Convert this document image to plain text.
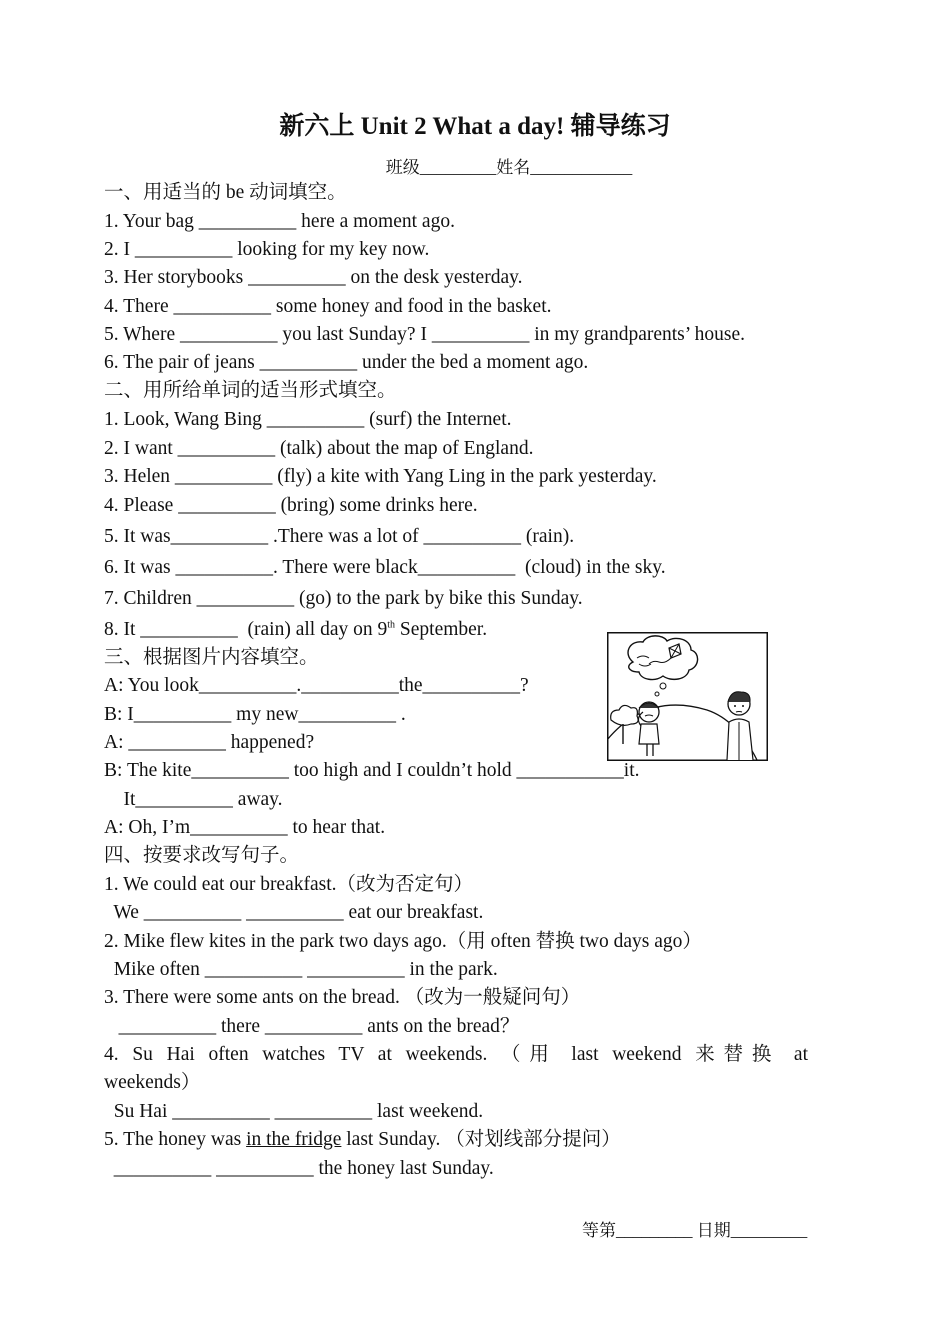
新六上 Unit 2 What a day! 辅导练习
班级_________姓名____________
一、用适当的 be 动词填空。
1. Your bag __________ here a moment ago.
2. I __________ looking for my key now.
3. Her storybooks __________ on the desk yesterday.
4. There __________ some honey and food in the basket.
5. Where __________ you last Sunday? I __________ in my grandparents’ house.
6. The pair of jeans __________ under the bed a moment ago.
二、用所给单词的适当形式填空。
1. Look, Wang Bing __________ (surf) the Internet.
2. I want __________ (talk) about the map of England.
3. Helen __________ (fly) a kite with Yang Ling in the park yesterday.
4. Please __________ (bring) some drinks here.
5. It was__________ .There was a lot of __________ (rain).
6. It was __________. There were black__________  (cloud) in the sky.
7. Children __________ (go) to the park by bike this Sunday.
8. It __________  (rain) all day on 9th September.
三、根据图片内容填空。
A: You look__________.__________the__________?
B: I__________ my new__________ .
A: __________ happened?
B: The kite__________ too high and I couldn’t hold ___________it.
It__________ away.
A: Oh, I’m__________ to hear that.
四、按要求改写句子。
1. We could eat our breakfast.（改为否定句）
We __________ __________ eat our breakfast.
2. Mike flew kites in the park two days ago.（用 often 替换 two days ago）
Mike often __________ __________ in the park.
3. There were some ants on the bread. （改为一般疑问句）
__________ there __________ ants on the bread？
4. Su Hai often watches TV at weekends. （用 last weekend 来替换 at
weekends）
Su Hai __________ __________ last weekend.
5. The honey was in the fridge last Sunday. （对划线部分提问）
__________ __________ the honey last Sunday.
等第_________ 日期_________
